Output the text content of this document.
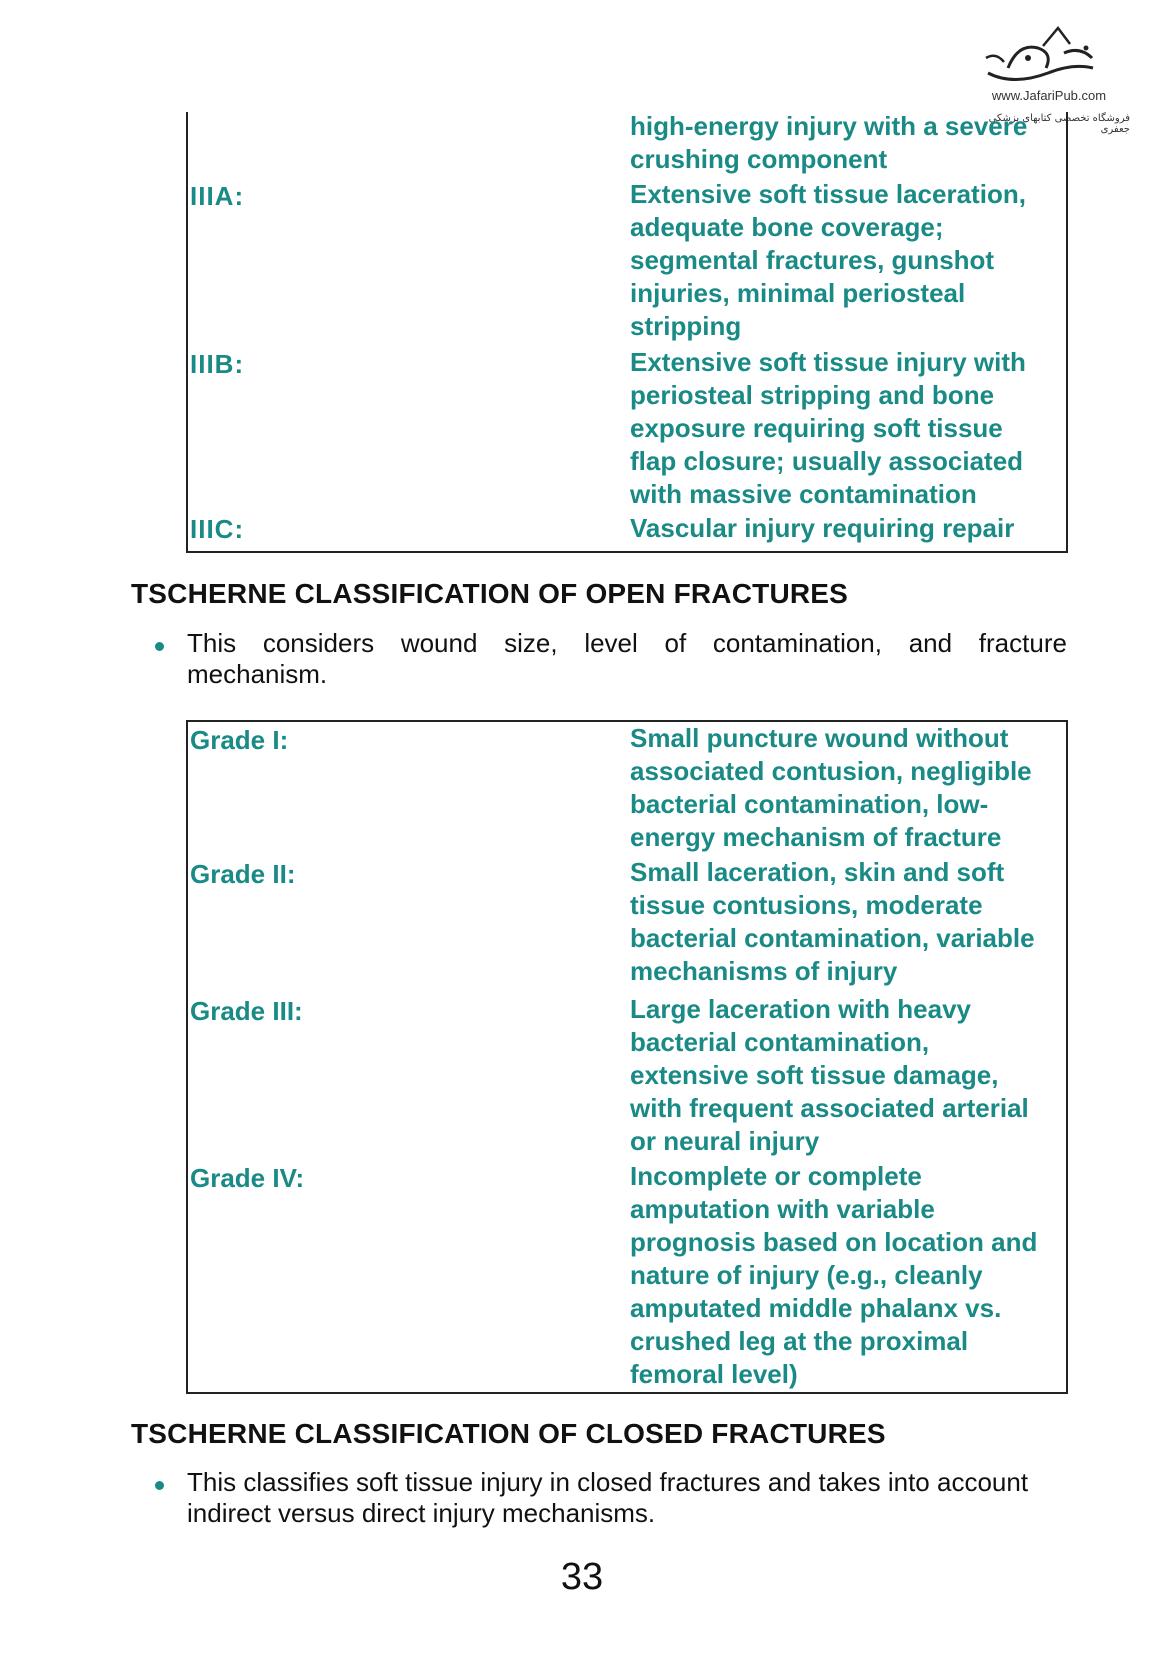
www.JafariPub.com
فروشگاه تخصصی کتابهای پزشکی جعفری
high-energy injury with a severe
crushing component
IIIA:	Extensive soft tissue laceration,
adequate bone coverage;
segmental fractures, gunshot
injuries, minimal periosteal
stripping
IIIB:	Extensive soft tissue injury with
periosteal stripping and bone
exposure requiring soft tissue
flap closure; usually associated
with massive contamination
IIIC:	Vascular injury requiring repair
TSCHERNE CLASSIFICATION OF OPEN FRACTURES
This considers wound size, level of contamination, and fracture
mechanism.
Grade I:	Small puncture wound without
associated contusion, negligible
bacterial contamination, low-
energy mechanism of fracture
Grade II:	Small laceration, skin and soft
tissue contusions, moderate
bacterial contamination, variable
mechanisms of injury
Grade III:	Large laceration with heavy
bacterial contamination,
extensive soft tissue damage,
with frequent associated arterial
or neural injury
Grade IV:	Incomplete or complete
amputation with variable
prognosis based on location and
nature of injury (e.g., cleanly
amputated middle phalanx vs.
crushed leg at the proximal
femoral level)
TSCHERNE CLASSIFICATION OF CLOSED FRACTURES
This classifies soft tissue injury in closed fractures and takes into account
indirect versus direct injury mechanisms.
33
